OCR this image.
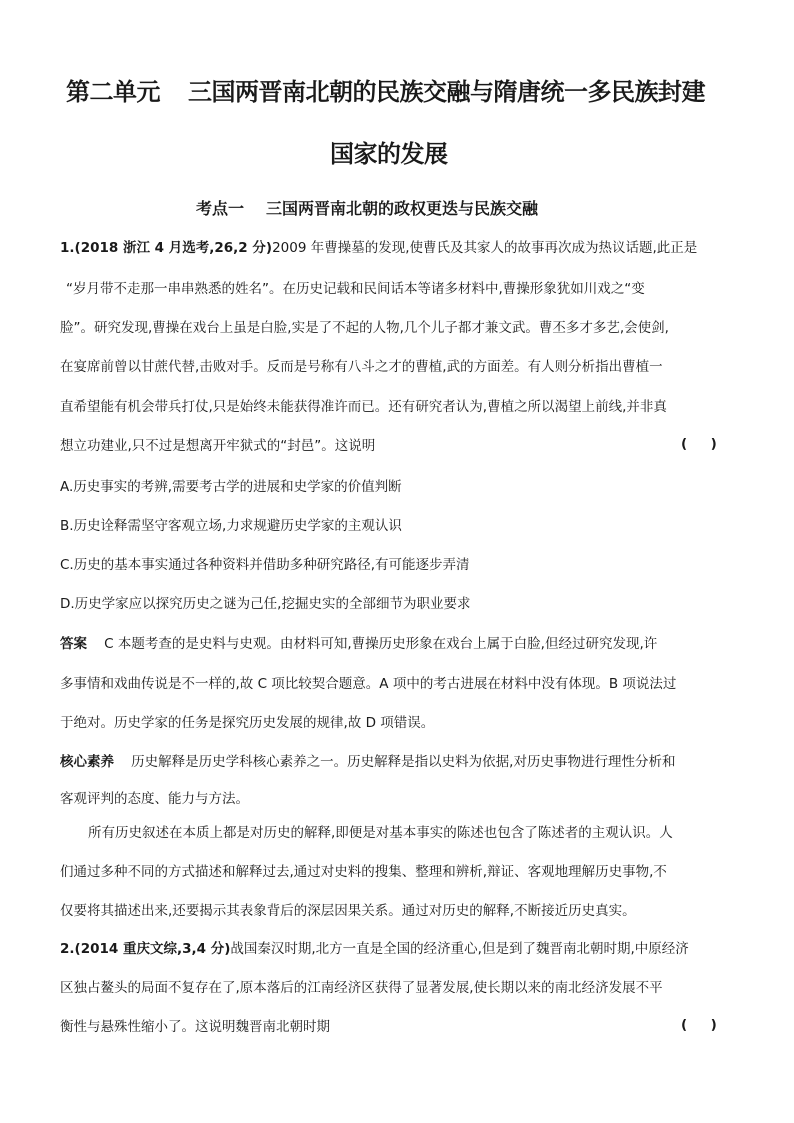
第二单元 三国两晋南北朝的民族交融与隋唐统一多民族封建
国家的发展
考点一 三国两晋南北朝的政权更迭与民族交融
1.(2018 浙江 4 月选考,26,2 分)2009 年曹操墓的发现,使曹氏及其家人的故事再次成为热议话题,此正是
“岁月带不走那一串串熟悉的姓名”。在历史记载和民间话本等诸多材料中,曹操形象犹如川戏之“变
脸”。研究发现,曹操在戏台上虽是白脸,实是了不起的人物,几个儿子都才兼文武。曹丕多才多艺,会使剑,
在宴席前曾以甘蔗代替,击败对手。反而是号称有八斗之才的曹植,武的方面差。有人则分析指出曹植一
直希望能有机会带兵打仗,只是始终未能获得准许而已。还有研究者认为,曹植之所以渴望上前线,并非真
想立功建业,只不过是想离开牢狱式的“封邑”。这说明	(     )
A.历史事实的考辨,需要考古学的进展和史学家的价值判断
B.历史诠释需坚守客观立场,力求规避历史学家的主观认识
C.历史的基本事实通过各种资料并借助多种研究路径,有可能逐步弄清
D.历史学家应以探究历史之谜为己任,挖掘史实的全部细节为职业要求
答案 C 本题考查的是史料与史观。由材料可知,曹操历史形象在戏台上属于白脸,但经过研究发现,许
多事情和戏曲传说是不一样的,故 C 项比较契合题意。A 项中的考古进展在材料中没有体现。B 项说法过
于绝对。历史学家的任务是探究历史发展的规律,故 D 项错误。
核心素养 历史解释是历史学科核心素养之一。历史解释是指以史料为依据,对历史事物进行理性分析和
客观评判的态度、能力与方法。
所有历史叙述在本质上都是对历史的解释,即便是对基本事实的陈述也包含了陈述者的主观认识。人
们通过多种不同的方式描述和解释过去,通过对史料的搜集、整理和辨析,辩证、客观地理解历史事物,不
仅要将其描述出来,还要揭示其表象背后的深层因果关系。通过对历史的解释,不断接近历史真实。
2.(2014 重庆文综,3,4 分)战国秦汉时期,北方一直是全国的经济重心,但是到了魏晋南北朝时期,中原经济
区独占鳌头的局面不复存在了,原本落后的江南经济区获得了显著发展,使长期以来的南北经济发展不平
衡性与悬殊性缩小了。这说明魏晋南北朝时期	(     )
